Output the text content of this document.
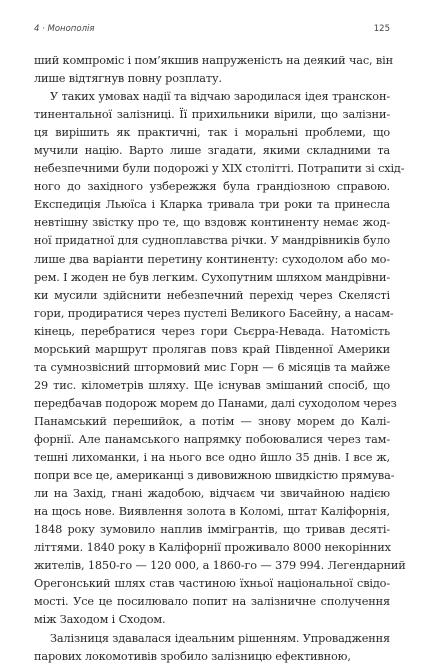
4 · Монополія	125
ший компроміс і пом’якшив напруженість на деякий час, він
лише відтягнув повну розплату.
У таких умовах надії та відчаю зародилася ідея транскон-
тинентальної залізниці. Її прихильники вірили, що залізни-
ця вирішить як практичні, так і моральні проблеми, що
мучили націю. Варто лише згадати, якими складними та
небезпечними були подорожі у XIX столітті. Потрапити зі схід-
ного до західного узбережжя була грандіозною справою.
Експедиція Льюїса і Кларка тривала три роки та принесла
невтішну звістку про те, що вздовж континенту немає жод-
ної придатної для судноплавства річки. У мандрівників було
лише два варіанти перетину континенту: суходолом або мо-
рем. І жоден не був легким. Сухопутним шляхом мандрівни-
ки мусили здійснити небезпечний перехід через Скелясті
гори, продиратися через пустелі Великого Басейну, а насам-
кінець, перебратися через гори Сьєрра-Невада. Натомість
морський маршрут пролягав повз край Південної Америки
та сумнозвісний штормовий мис Горн — 6 місяців та майже
29 тис. кілометрів шляху. Ще існував змішаний спосіб, що
передбачав подорож морем до Панами, далі суходолом через
Панамський перешийок, а потім — знову морем до Калі-
форнії. Але панамського напрямку побоювалися через там-
тешні лихоманки, і на нього все одно йшло 35 днів. І все ж,
попри все це, американці з дивовижною швидкістю прямува-
ли на Захід, гнані жадобою, відчаєм чи звичайною надією
на щось нове. Виявлення золота в Коломі, штат Каліфорнія,
1848 року зумовило наплив іммігрантів, що тривав десяті-
літтями. 1840 року в Каліфорнії проживало 8000 некорінних
жителів, 1850-го — 120 000, а 1860-го — 379 994. Легендарний
Орегонський шлях став частиною їхньої національної свідо-
мості. Усе це посилювало попит на залізничне сполучення
між Заходом і Сходом.
Залізниця здавалася ідеальним рішенням. Упровадження
парових локомотивів зробило залізницю ефективною,
